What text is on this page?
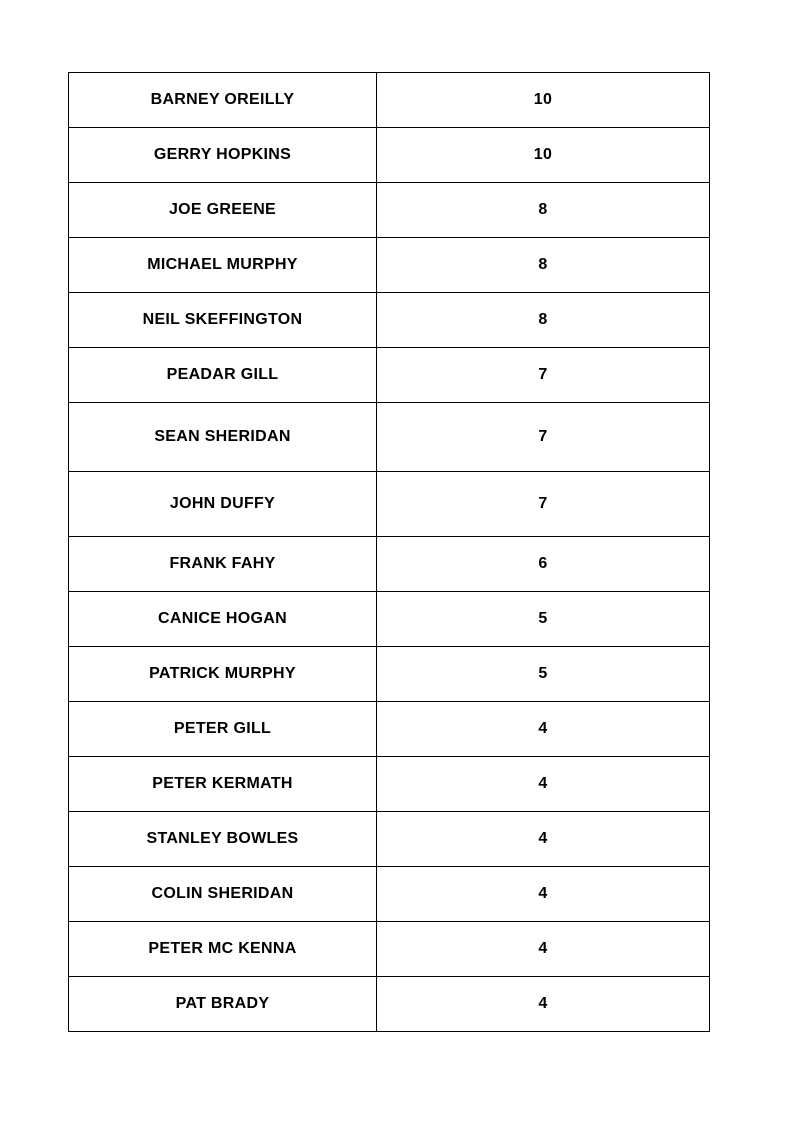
BARNEY OREILLY	10
GERRY HOPKINS	10
JOE GREENE	8
MICHAEL MURPHY	8
NEIL SKEFFINGTON	8
PEADAR GILL	7
SEAN SHERIDAN	7
JOHN DUFFY	7
FRANK FAHY	6
CANICE HOGAN	5
PATRICK MURPHY	5
PETER GILL	4
PETER KERMATH	4
STANLEY BOWLES	4
COLIN SHERIDAN	4
PETER MC KENNA	4
PAT BRADY	4
